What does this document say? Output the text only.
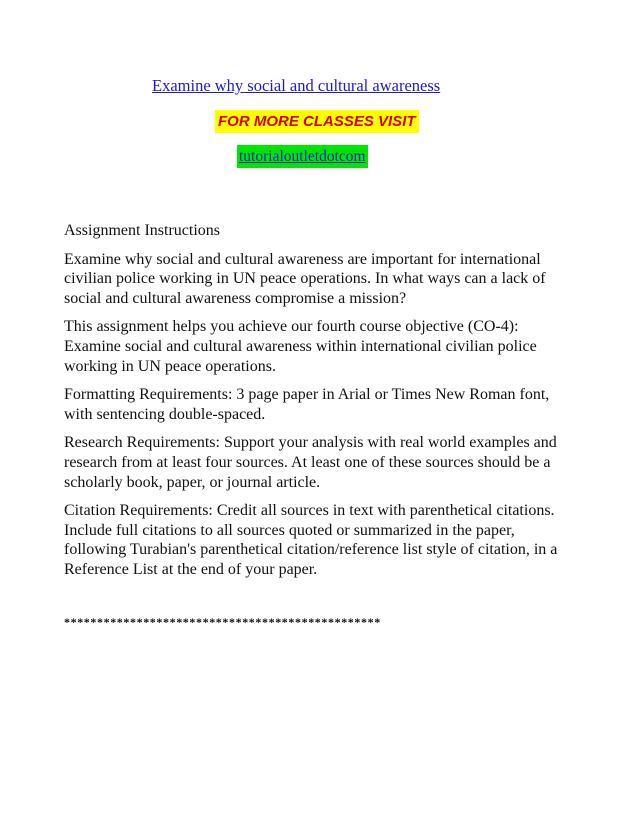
Examine why social and cultural awareness
FOR MORE CLASSES VISIT
tutorialoutletdotcom

Assignment Instructions

Examine why social and cultural awareness are important for international civilian police working in UN peace operations. In what ways can a lack of social and cultural awareness compromise a mission?

This assignment helps you achieve our fourth course objective (CO-4): Examine social and cultural awareness within international civilian police working in UN peace operations.

Formatting Requirements: 3 page paper in Arial or Times New Roman font, with sentencing double-spaced.

Research Requirements: Support your analysis with real world examples and research from at least four sources. At least one of these sources should be a scholarly book, paper, or journal article.

Citation Requirements: Credit all sources in text with parenthetical citations. Include full citations to all sources quoted or summarized in the paper, following Turabian's parenthetical citation/reference list style of citation, in a Reference List at the end of your paper.

************************************************
